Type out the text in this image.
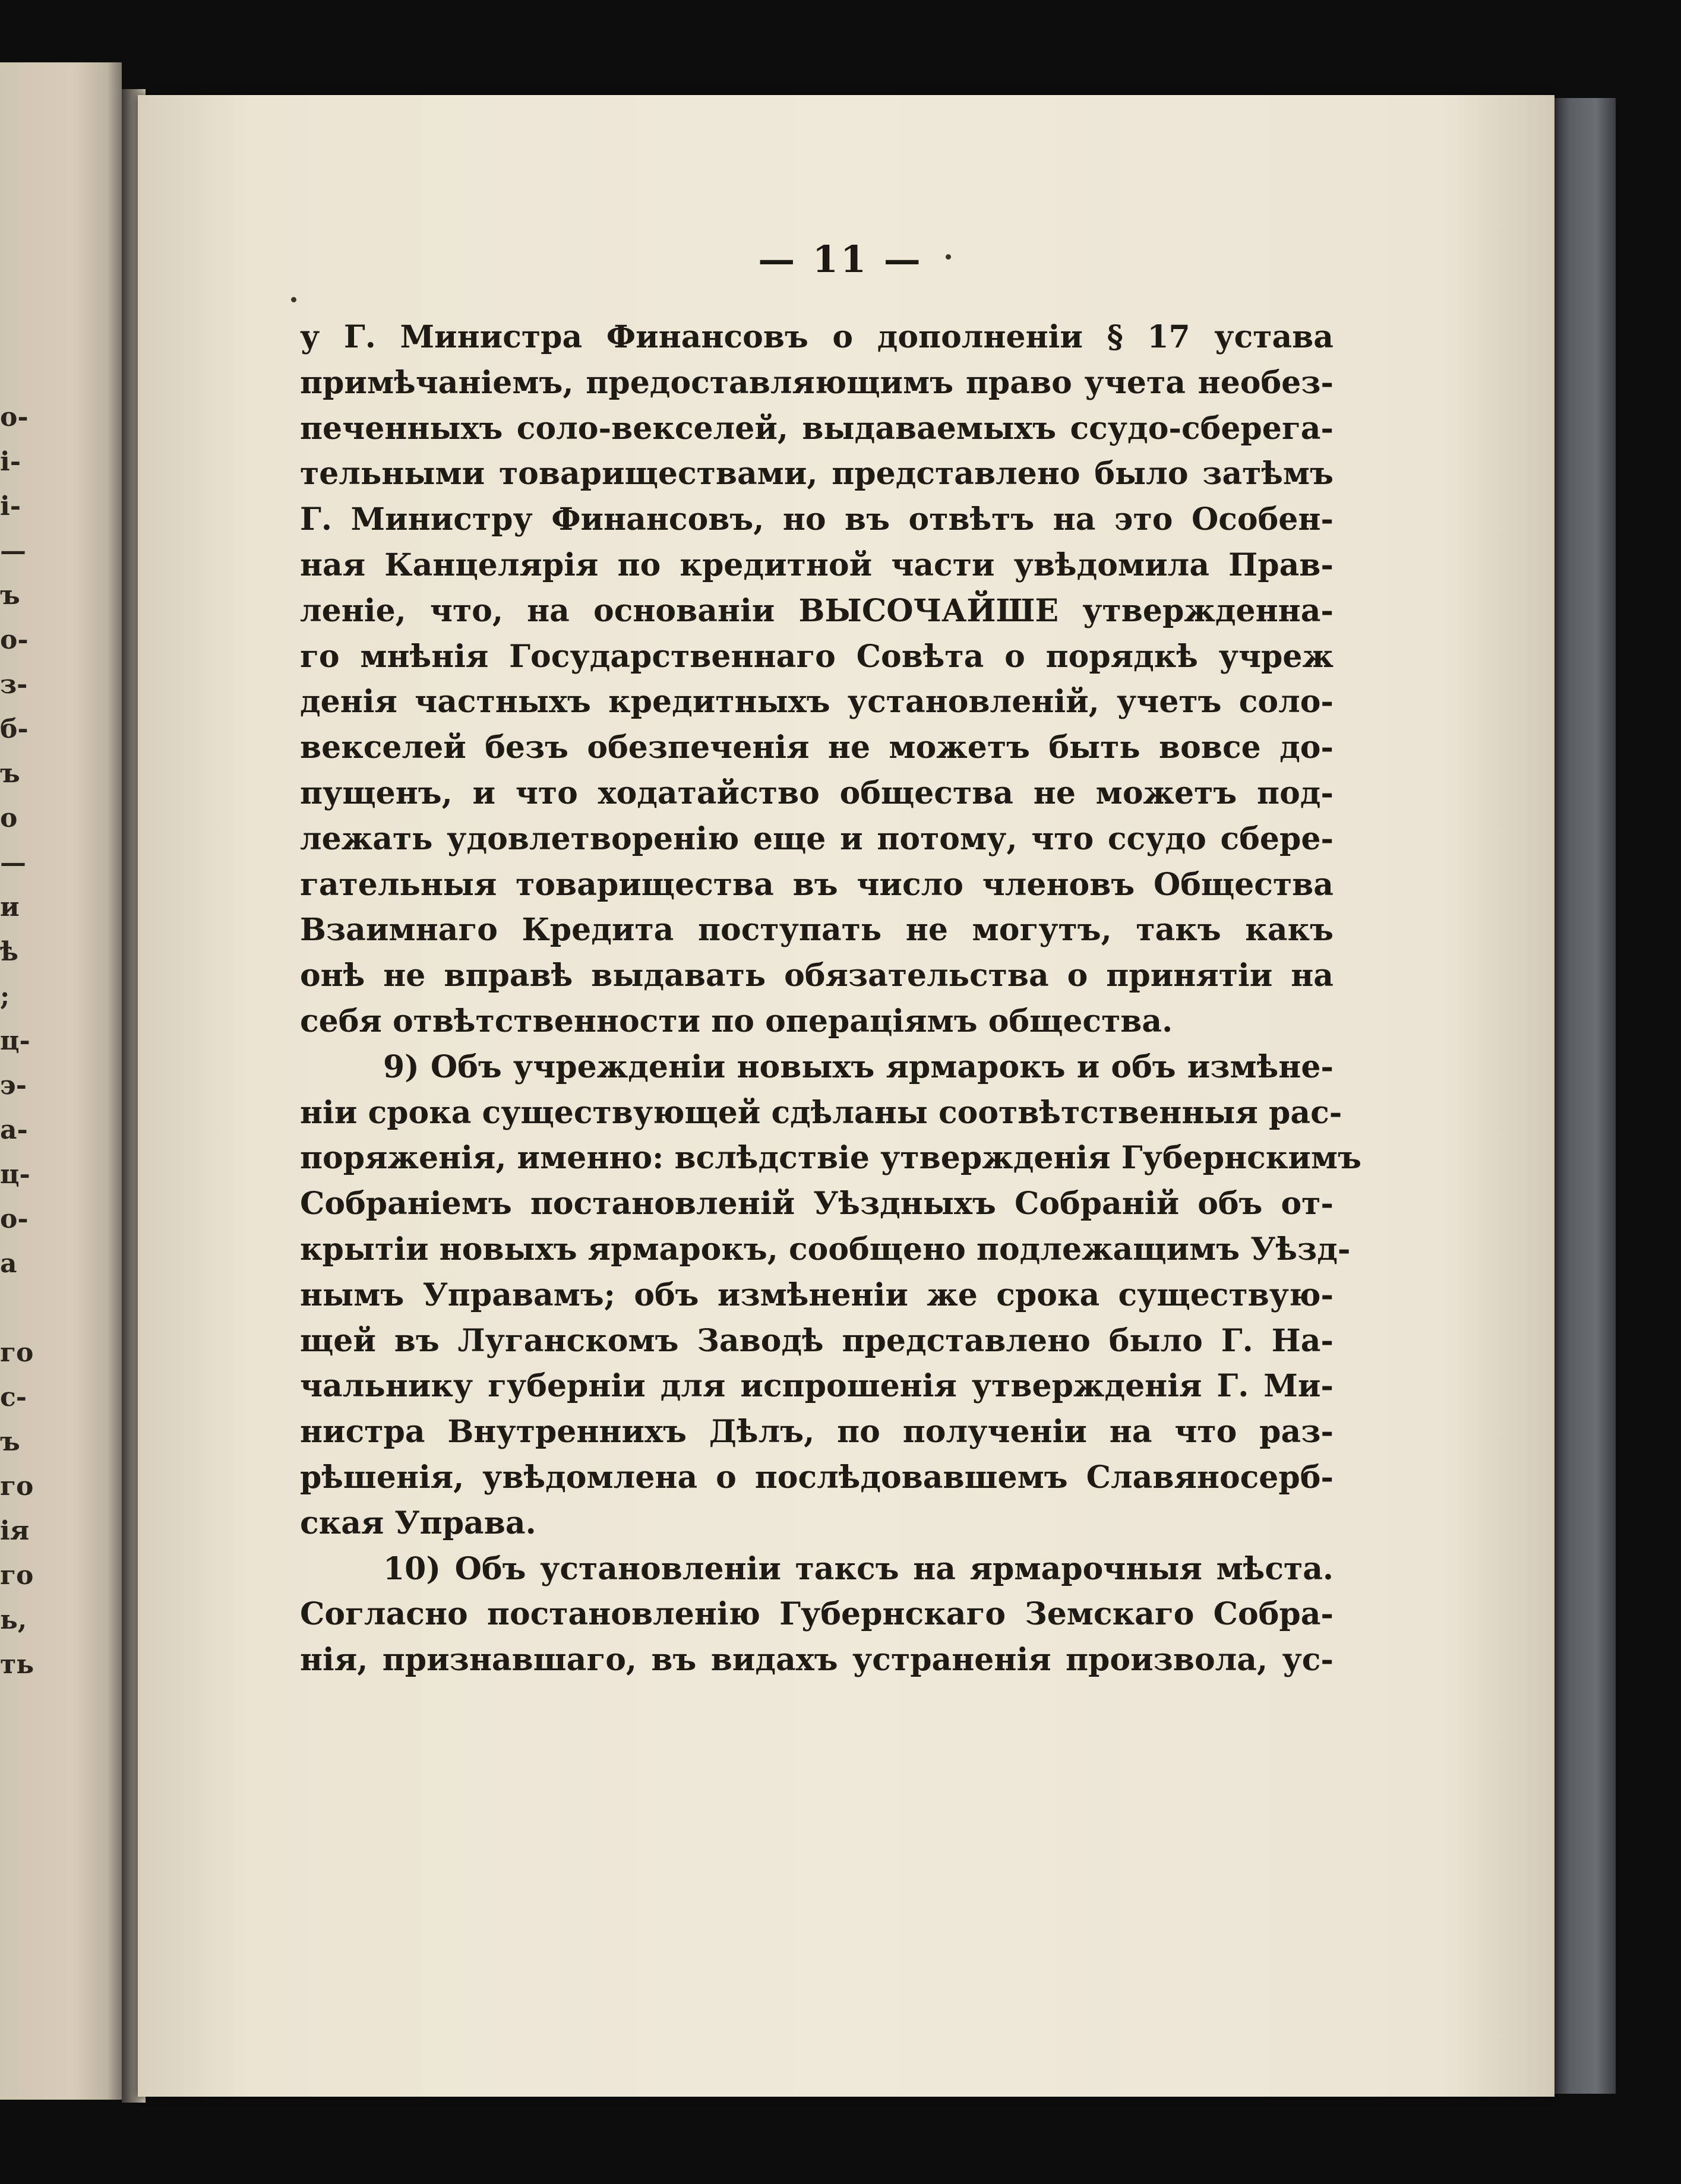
о-
і-
і-
—
ъ
о-
з-
б-
ъ
о
—
и
ѣ
;
ц-
э-
а-
ц-
о-
а
го
с-
ъ
го
ія
го
ь,
ть
— 11 —
у Г. Министра Финансовъ о дополненіи § 17 устава
примѣчаніемъ, предоставляющимъ право учета необез-
печенныхъ соло-векселей, выдаваемыхъ ссудо-сберега-
тельными товариществами, представлено было затѣмъ
Г. Министру Финансовъ, но въ отвѣтъ на это Особен-
ная Канцелярія по кредитной части увѣдомила Прав-
леніе, что, на основаніи ВЫСОЧАЙШЕ утвержденна-
го мнѣнія Государственнаго Совѣта о порядкѣ учреж
денія частныхъ кредитныхъ установленій, учетъ соло-
векселей безъ обезпеченія не можетъ быть вовсе до-
пущенъ, и что ходатайство общества не можетъ под-
лежать удовлетворенію еще и потому, что ссудо сбере-
гательныя товарищества въ число членовъ Общества
Взаимнаго Кредита поступать не могутъ, такъ какъ
онѣ не вправѣ выдавать обязательства о принятіи на
себя отвѣтственности по операціямъ общества.
9) Объ учрежденіи новыхъ ярмарокъ и объ измѣне-
ніи срока существующей сдѣланы соотвѣтственныя рас-
поряженія, именно: вслѣдствіе утвержденія Губернскимъ
Собраніемъ постановленій Уѣздныхъ Собраній объ от-
крытіи новыхъ ярмарокъ, сообщено подлежащимъ Уѣзд-
нымъ Управамъ; объ измѣненіи же срока существую-
щей въ Луганскомъ Заводѣ представлено было Г. На-
чальнику губерніи для испрошенія утвержденія Г. Ми-
нистра Внутреннихъ Дѣлъ, по полученіи на что раз-
рѣшенія, увѣдомлена о послѣдовавшемъ Славяносерб-
ская Управа.
10) Объ установленіи таксъ на ярмарочныя мѣста.
Согласно постановленію Губернскаго Земскаго Собра-
нія, признавшаго, въ видахъ устраненія произвола, ус-
